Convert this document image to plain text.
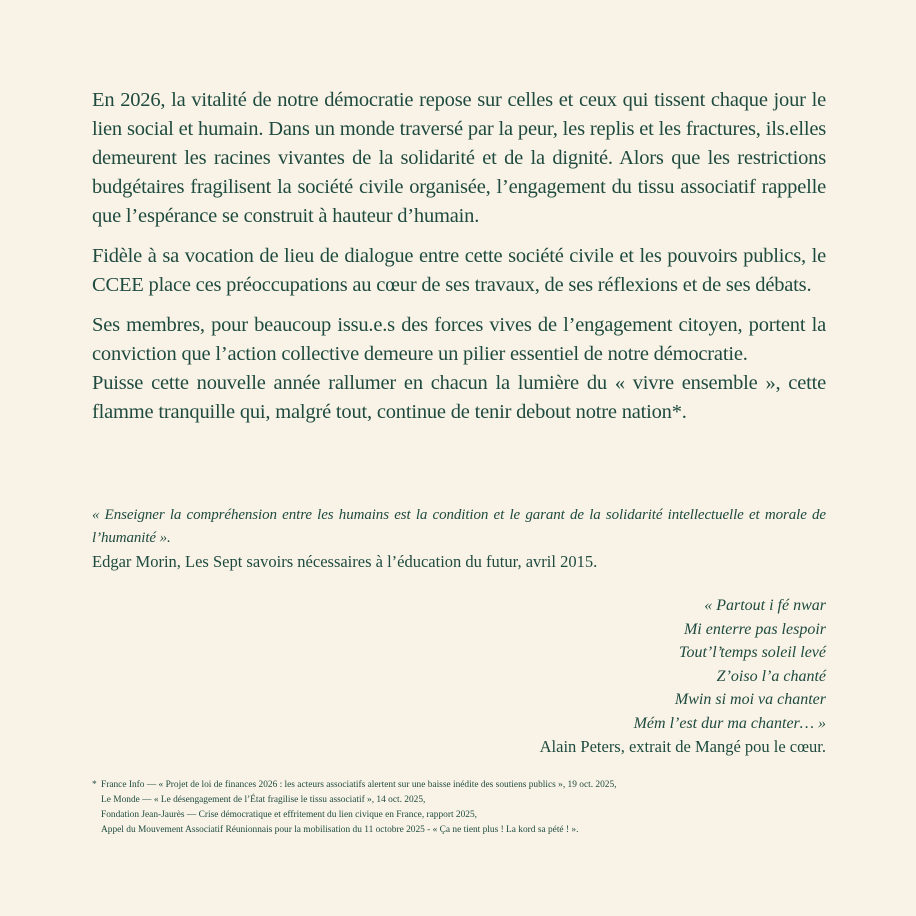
En 2026, la vitalité de notre démocratie repose sur celles et ceux qui tissent chaque jour le lien social et humain. Dans un monde traversé par la peur, les replis et les fractures, ils.elles demeurent les racines vivantes de la solidarité et de la dignité. Alors que les restrictions budgétaires fragilisent la société civile organisée, l’engagement du tissu associatif rappelle que l’espérance se construit à hauteur d’humain.

Fidèle à sa vocation de lieu de dialogue entre cette société civile et les pouvoirs publics, le CCEE place ces préoccupations au cœur de ses travaux, de ses réflexions et de ses débats.

Ses membres, pour beaucoup issu.e.s des forces vives de l’engagement citoyen, portent la conviction que l’action collective demeure un pilier essentiel de notre démocratie.

Puisse cette nouvelle année rallumer en chacun la lumière du « vivre ensemble », cette flamme tranquille qui, malgré tout, continue de tenir debout notre nation*.

« Enseigner la compréhension entre les humains est la condition et le garant de la solidarité intellectuelle et morale de l’humanité ».

Edgar Morin, Les Sept savoirs nécessaires à l’éducation du futur, avril 2015.

« Partout i fé nwar
Mi enterre pas lespoir
Tout’l’temps soleil levé
Z’oiso l’a chanté
Mwin si moi va chanter
Mém l’est dur ma chanter… »
Alain Peters, extrait de Mangé pou le cœur.
* France Info — « Projet de loi de finances 2026 : les acteurs associatifs alertent sur une baisse inédite des soutiens publics », 19 oct. 2025,
Le Monde — « Le désengagement de l’État fragilise le tissu associatif », 14 oct. 2025,
Fondation Jean-Jaurès — Crise démocratique et effritement du lien civique en France, rapport 2025,
Appel du Mouvement Associatif Réunionnais pour la mobilisation du 11 octobre 2025 - « Ça ne tient plus ! La kord sa pété ! ».
